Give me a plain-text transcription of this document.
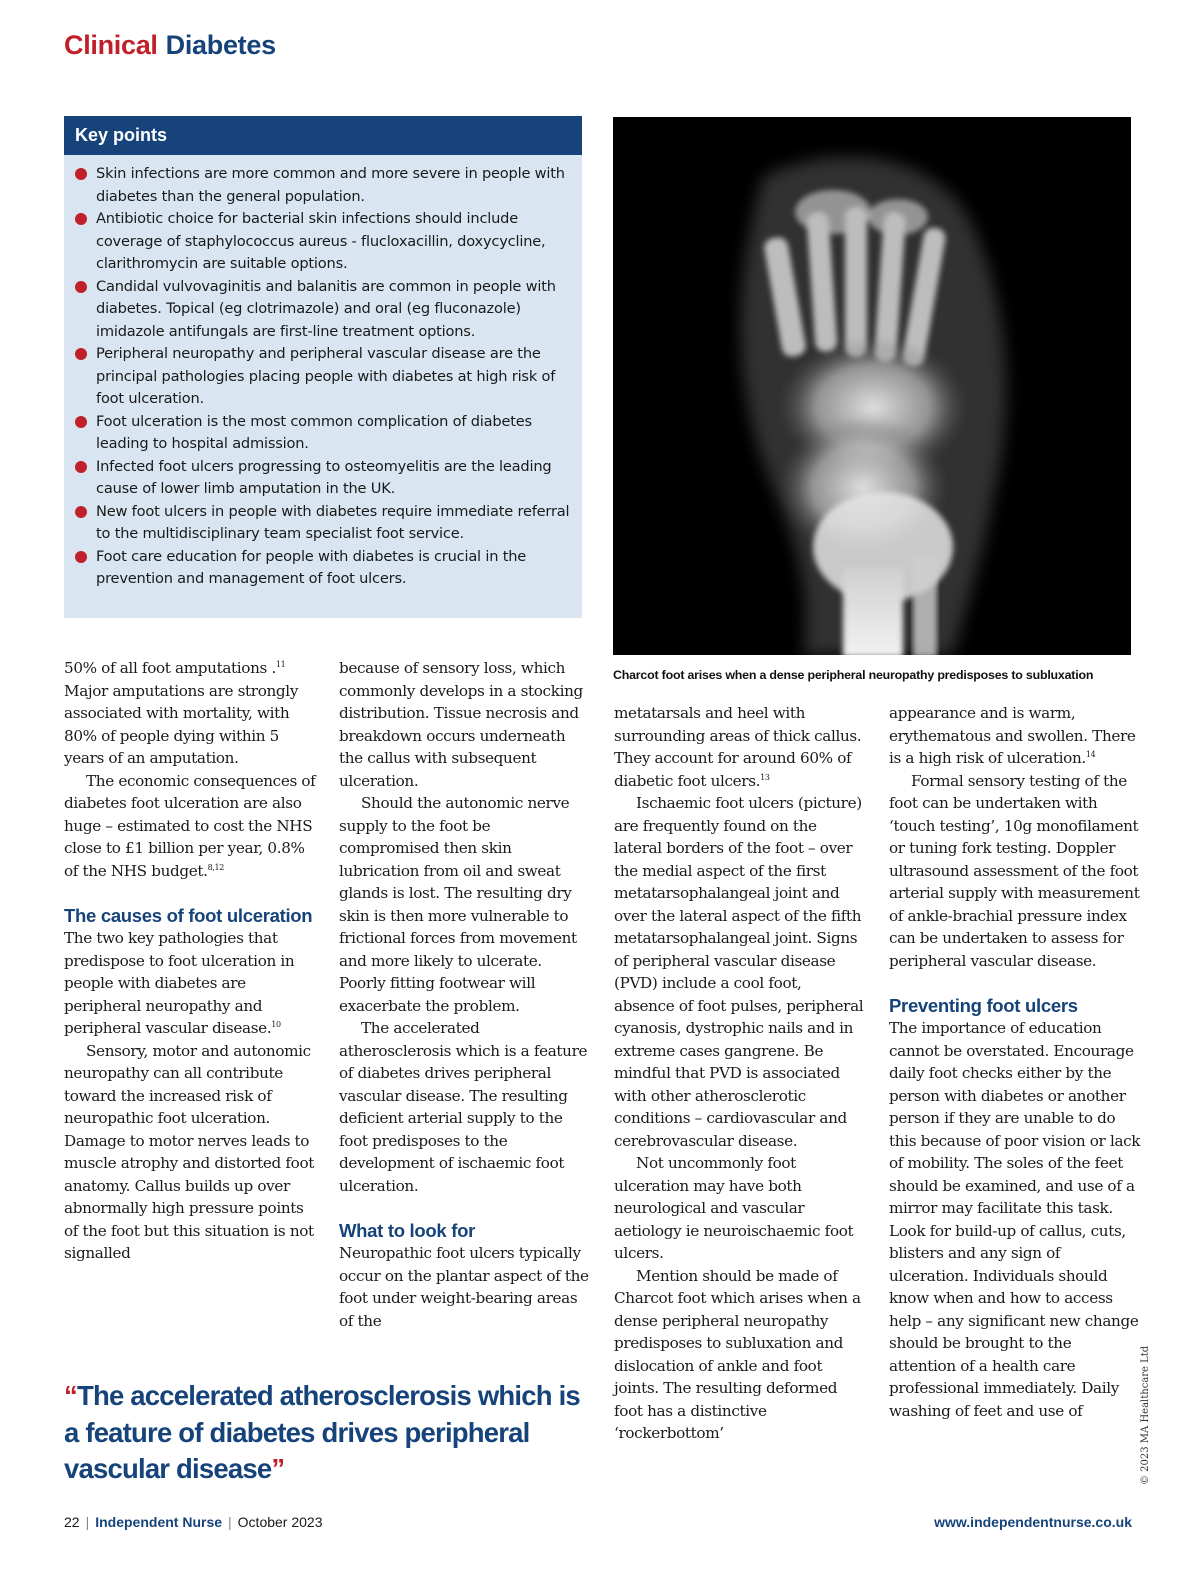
Clinical Diabetes
Key points
Skin infections are more common and more severe in people with diabetes than the general population.
Antibiotic choice for bacterial skin infections should include coverage of staphylococcus aureus - flucloxacillin, doxycycline, clarithromycin are suitable options.
Candidal vulvovaginitis and balanitis are common in people with diabetes. Topical (eg clotrimazole) and oral (eg fluconazole) imidazole antifungals are first-line treatment options.
Peripheral neuropathy and peripheral vascular disease are the principal pathologies placing people with diabetes at high risk of foot ulceration.
Foot ulceration is the most common complication of diabetes leading to hospital admission.
Infected foot ulcers progressing to osteomyelitis are the leading cause of lower limb amputation in the UK.
New foot ulcers in people with diabetes require immediate referral to the multidisciplinary team specialist foot service.
Foot care education for people with diabetes is crucial in the prevention and management of foot ulcers.
Charcot foot arises when a dense peripheral neuropathy predisposes to subluxation

50% of all foot amputations .$^{11}$ Major amputations are strongly associated with mortality, with 80% of people dying within 5 years of an amputation.

The economic consequences of diabetes foot ulceration are also huge – estimated to cost the NHS close to £1 billion per year, 0.8% of the NHS budget.$^{8,12}$

The causes of foot ulceration

The two key pathologies that predispose to foot ulceration in people with diabetes are peripheral neuropathy and peripheral vascular disease.$^{10}$

Sensory, motor and autonomic neuropathy can all contribute toward the increased risk of neuropathic foot ulceration. Damage to motor nerves leads to muscle atrophy and distorted foot anatomy. Callus builds up over abnormally high pressure points of the foot but this situation is not signalled

because of sensory loss, which commonly develops in a stocking distribution. Tissue necrosis and breakdown occurs underneath the callus with subsequent ulceration.

Should the autonomic nerve supply to the foot be compromised then skin lubrication from oil and sweat glands is lost. The resulting dry skin is then more vulnerable to frictional forces from movement and more likely to ulcerate. Poorly fitting footwear will exacerbate the problem.

The accelerated atherosclerosis which is a feature of diabetes drives peripheral vascular disease. The resulting deficient arterial supply to the foot predisposes to the development of ischaemic foot ulceration.

What to look for

Neuropathic foot ulcers typically occur on the plantar aspect of the foot under weight-bearing areas of the

metatarsals and heel with surrounding areas of thick callus. They account for around 60% of diabetic foot ulcers.$^{13}$

Ischaemic foot ulcers (picture) are frequently found on the lateral borders of the foot – over the medial aspect of the first metatarsophalangeal joint and over the lateral aspect of the fifth metatarsophalangeal joint. Signs of peripheral vascular disease (PVD) include a cool foot, absence of foot pulses, peripheral cyanosis, dystrophic nails and in extreme cases gangrene. Be mindful that PVD is associated with other atherosclerotic conditions – cardiovascular and cerebrovascular disease.

Not uncommonly foot ulceration may have both neurological and vascular aetiology ie neuroischaemic foot ulcers.

Mention should be made of Charcot foot which arises when a dense peripheral neuropathy predisposes to subluxation and dislocation of ankle and foot joints. The resulting deformed foot has a distinctive ‘rockerbottom’

appearance and is warm, erythematous and swollen. There is a high risk of ulceration.$^{14}$

Formal sensory testing of the foot can be undertaken with ‘touch testing’, 10g monofilament or tuning fork testing. Doppler ultrasound assessment of the foot arterial supply with measurement of ankle-brachial pressure index can be undertaken to assess for peripheral vascular disease.

Preventing foot ulcers

The importance of education cannot be overstated. Encourage daily foot checks either by the person with diabetes or another person if they are unable to do this because of poor vision or lack of mobility. The soles of the feet should be examined, and use of a mirror may facilitate this task. Look for build-up of callus, cuts, blisters and any sign of ulceration. Individuals should know when and how to access help – any significant new change should be brought to the attention of a health care professional immediately. Daily washing of feet and use of

“The accelerated atherosclerosis which is a feature of diabetes drives peripheral vascular disease”	© 2023 MA Healthcare Ltd
22 | Independent Nurse | October 2023	www.independentnurse.co.uk
